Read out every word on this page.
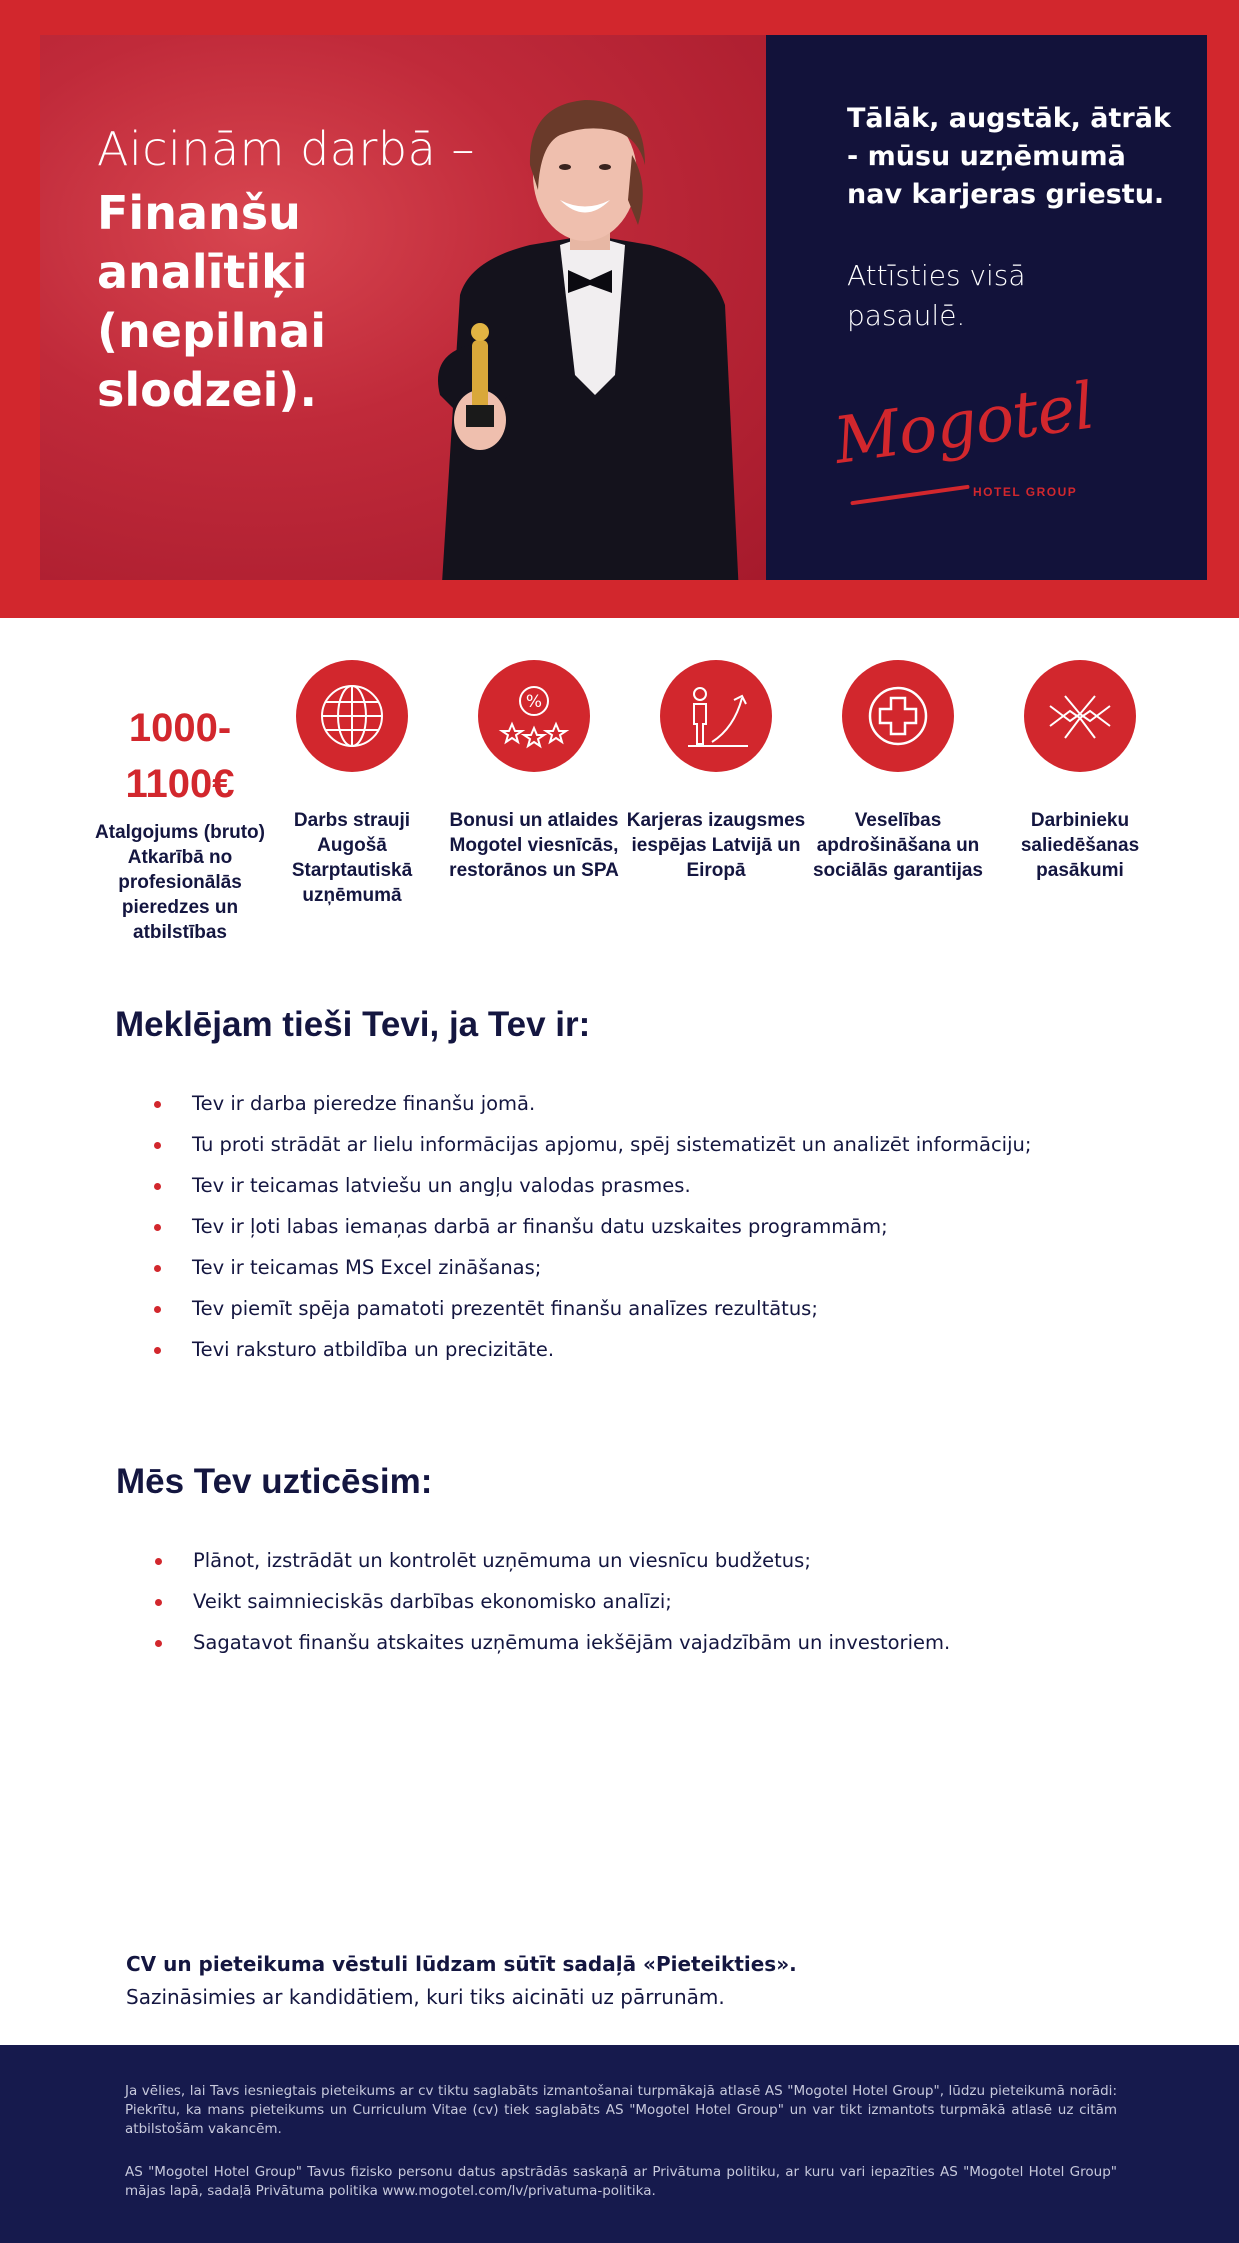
Aicinām darbā –
Finanšu analītiķi (nepilnai slodzei).
Tālāk, augstāk, ātrāk - mūsu uzņēmumā nav karjeras griestu.
Attīsties visā pasaulē.
Mogotel
HOTEL GROUP
1000-1100€
Atalgojums (bruto) Atkarībā no profesionālās pieredzes un atbilstības
Darbs strauji Augošā Starptautiskā uzņēmumā
%
Bonusi un atlaides Mogotel viesnīcās, restorānos un SPA
Karjeras izaugsmes iespējas Latvijā un Eiropā
Veselības apdrošināšana un sociālās garantijas
Darbinieku saliedēšanas pasākumi
Meklējam tieši Tevi, ja Tev ir:
Tev ir darba pieredze finanšu jomā.
Tu proti strādāt ar lielu informācijas apjomu, spēj sistematizēt un analizēt informāciju;
Tev ir teicamas latviešu un angļu valodas prasmes.
Tev ir ļoti labas iemaņas darbā ar finanšu datu uzskaites programmām;
Tev ir teicamas MS Excel zināšanas;
Tev piemīt spēja pamatoti prezentēt finanšu analīzes rezultātus;
Tevi raksturo atbildība un precizitāte.
Mēs Tev uzticēsim:
Plānot, izstrādāt un kontrolēt uzņēmuma un viesnīcu budžetus;
Veikt saimnieciskās darbības ekonomisko analīzi;
Sagatavot finanšu atskaites uzņēmuma iekšējām vajadzībām un investoriem.
CV un pieteikuma vēstuli lūdzam sūtīt sadaļā «Pieteikties».
Sazināsimies ar kandidātiem, kuri tiks aicināti uz pārrunām.

Ja vēlies, lai Tavs iesniegtais pieteikums ar cv tiktu saglabāts izmantošanai turpmākajā atlasē AS "Mogotel Hotel Group", lūdzu pieteikumā norādi: Piekrītu, ka mans pieteikums un Curriculum Vitae (cv) tiek saglabāts AS "Mogotel Hotel Group" un var tikt izmantots turpmākā atlasē uz citām atbilstošām vakancēm.

AS "Mogotel Hotel Group" Tavus fizisko personu datus apstrādās saskaņā ar Privātuma politiku, ar kuru vari iepazīties AS "Mogotel Hotel Group" mājas lapā, sadaļā Privātuma politika www.mogotel.com/lv/privatuma-politika.
